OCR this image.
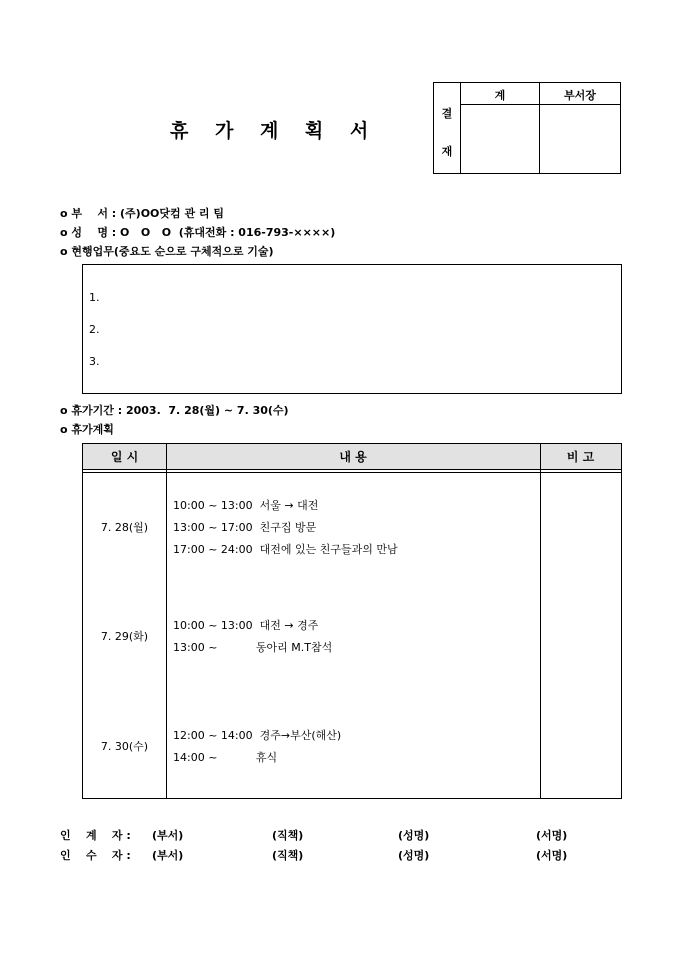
휴 가 계 획 서
결
재
계	부서장
o 부    서 : (주)OO닷컴 관 리 팀
o 성    명 : O   O   O  (휴대전화 : 016-793-××××)
o 현행업무(중요도 순으로 구체적으로 기술)
1.
2.
3.
o 휴가기간 : 2003.  7. 28(월) ~ 7. 30(수)
o 휴가계획
일 시	내 용	비 고
7. 28(월)
10:00 ~ 13:00  서울 → 대전
13:00 ~ 17:00  친구집 방문
17:00 ~ 24:00  대전에 있는 친구들과의 만남
7. 29(화)
10:00 ~ 13:00  대전 → 경주
13:00 ~           동아리 M.T참석
7. 30(수)
12:00 ~ 14:00  경주→부산(해산)
14:00 ~           휴식
인    계    자 : (부서)	(직책)	(성명)	(서명)
인    수    자 : (부서)	(직책)	(성명)	(서명)
